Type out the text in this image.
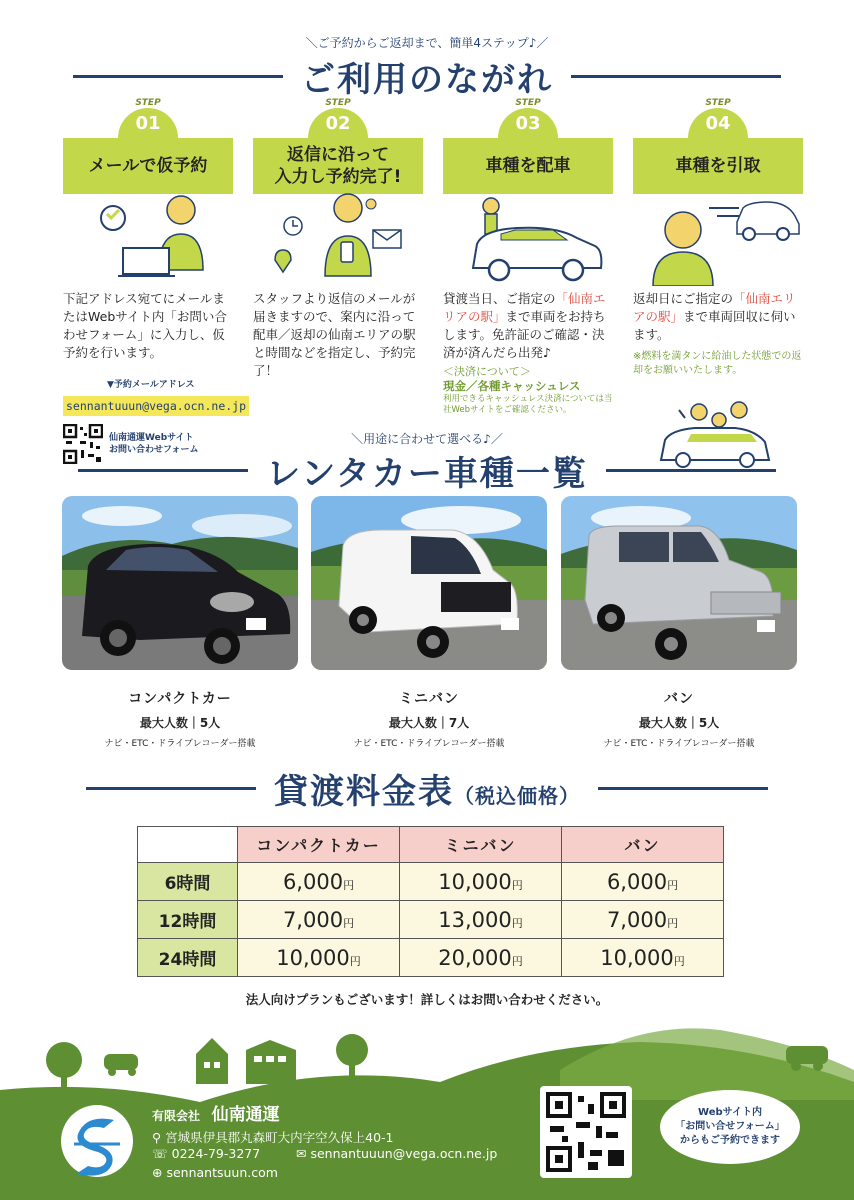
＼ご予約からご返却まで、簡単4ステップ♪／
ご利用のながれ
STEP
01
メールで仮予約
STEP
02
返信に沿って
入力し予約完了!
STEP
03
車種を配車
STEP
04
車種を引取
下記アドレス宛てにメールまたはWebサイト内「お問い合わせフォーム」に入力し、仮予約を行います。
▼予約メールアドレス
sennantuuun@vega.ocn.ne.jp
仙南通運Webサイト
お問い合わせフォーム
スタッフより返信のメールが届きますので、案内に沿って配車／返却の仙南エリアの駅と時間などを指定し、予約完了！
貸渡当日、ご指定の「仙南エリアの駅」まで車両をお持ちします。免許証のご確認・決済が済んだら出発♪
＜決済について＞
現金／各種キャッシュレス
利用できるキャッシュレス決済については当社Webサイトをご確認ください。
返却日にご指定の「仙南エリアの駅」まで車両回収に伺います。
※燃料を満タンに給油した状態での返却をお願いいたします。
＼用途に合わせて選べる♪／
レンタカー車種一覧
コンパクトカー
最大人数｜5人
ナビ・ETC・ドライブレコーダー搭載
ミニバン
最大人数｜7人
ナビ・ETC・ドライブレコーダー搭載
バン
最大人数｜5人
ナビ・ETC・ドライブレコーダー搭載
貸渡料金表（税込価格）
	コンパクトカー	ミニバン	バン
6時間	6,000円	10,000円	6,000円
12時間	7,000円	13,000円	7,000円
24時間	10,000円	20,000円	10,000円
法人向けプランもございます！詳しくはお問い合わせください。
有限会社 仙南通運
⚲ 宮城県伊具郡丸森町大内字空久保上40-1
☏ 0224-79-3277	✉ sennantuuun@vega.ocn.ne.jp
⊕ sennantsuun.com
Webサイト内
「お問い合せフォーム」
からもご予約できます
